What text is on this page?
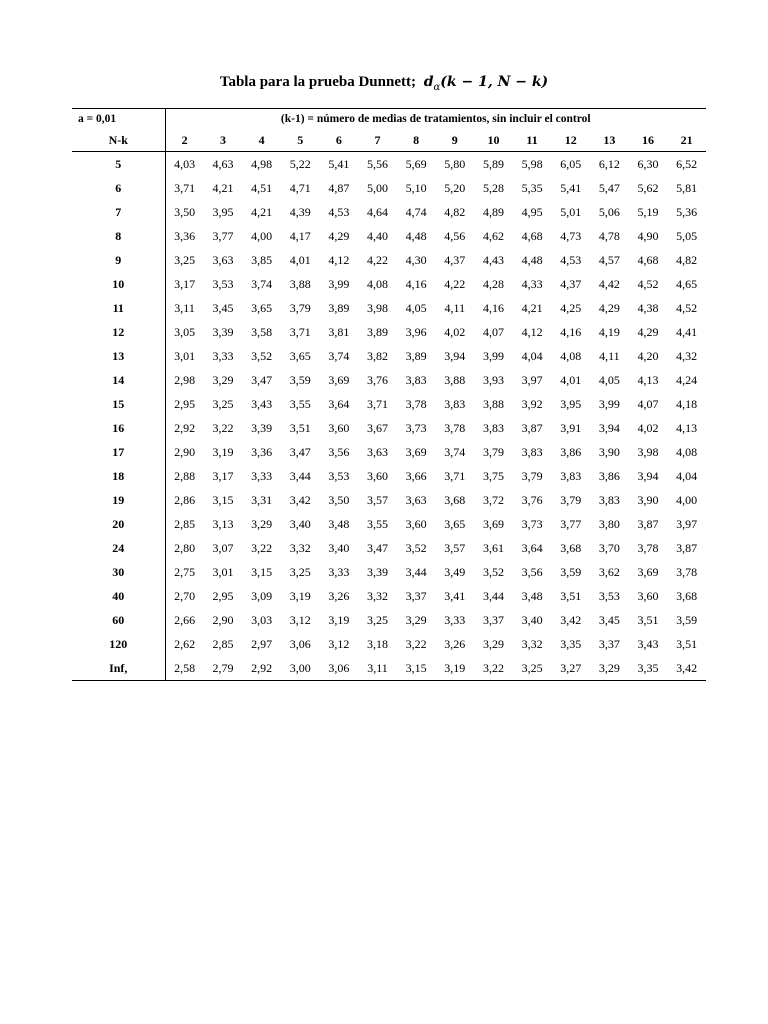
Tabla para la prueba Dunnett; $d_\alpha(k - 1$, N − k)
a = 0,01	(k-1) = número de medias de tratamientos, sin incluir el control													
N-k	2	3	4	5	6	7	8	9	10	11	12	13	16	21
5	4,03	4,63	4,98	5,22	5,41	5,56	5,69	5,80	5,89	5,98	6,05	6,12	6,30	6,52
6	3,71	4,21	4,51	4,71	4,87	5,00	5,10	5,20	5,28	5,35	5,41	5,47	5,62	5,81
7	3,50	3,95	4,21	4,39	4,53	4,64	4,74	4,82	4,89	4,95	5,01	5,06	5,19	5,36
8	3,36	3,77	4,00	4,17	4,29	4,40	4,48	4,56	4,62	4,68	4,73	4,78	4,90	5,05
9	3,25	3,63	3,85	4,01	4,12	4,22	4,30	4,37	4,43	4,48	4,53	4,57	4,68	4,82
10	3,17	3,53	3,74	3,88	3,99	4,08	4,16	4,22	4,28	4,33	4,37	4,42	4,52	4,65
11	3,11	3,45	3,65	3,79	3,89	3,98	4,05	4,11	4,16	4,21	4,25	4,29	4,38	4,52
12	3,05	3,39	3,58	3,71	3,81	3,89	3,96	4,02	4,07	4,12	4,16	4,19	4,29	4,41
13	3,01	3,33	3,52	3,65	3,74	3,82	3,89	3,94	3,99	4,04	4,08	4,11	4,20	4,32
14	2,98	3,29	3,47	3,59	3,69	3,76	3,83	3,88	3,93	3,97	4,01	4,05	4,13	4,24
15	2,95	3,25	3,43	3,55	3,64	3,71	3,78	3,83	3,88	3,92	3,95	3,99	4,07	4,18
16	2,92	3,22	3,39	3,51	3,60	3,67	3,73	3,78	3,83	3,87	3,91	3,94	4,02	4,13
17	2,90	3,19	3,36	3,47	3,56	3,63	3,69	3,74	3,79	3,83	3,86	3,90	3,98	4,08
18	2,88	3,17	3,33	3,44	3,53	3,60	3,66	3,71	3,75	3,79	3,83	3,86	3,94	4,04
19	2,86	3,15	3,31	3,42	3,50	3,57	3,63	3,68	3,72	3,76	3,79	3,83	3,90	4,00
20	2,85	3,13	3,29	3,40	3,48	3,55	3,60	3,65	3,69	3,73	3,77	3,80	3,87	3,97
24	2,80	3,07	3,22	3,32	3,40	3,47	3,52	3,57	3,61	3,64	3,68	3,70	3,78	3,87
30	2,75	3,01	3,15	3,25	3,33	3,39	3,44	3,49	3,52	3,56	3,59	3,62	3,69	3,78
40	2,70	2,95	3,09	3,19	3,26	3,32	3,37	3,41	3,44	3,48	3,51	3,53	3,60	3,68
60	2,66	2,90	3,03	3,12	3,19	3,25	3,29	3,33	3,37	3,40	3,42	3,45	3,51	3,59
120	2,62	2,85	2,97	3,06	3,12	3,18	3,22	3,26	3,29	3,32	3,35	3,37	3,43	3,51
Inf,	2,58	2,79	2,92	3,00	3,06	3,11	3,15	3,19	3,22	3,25	3,27	3,29	3,35	3,42
